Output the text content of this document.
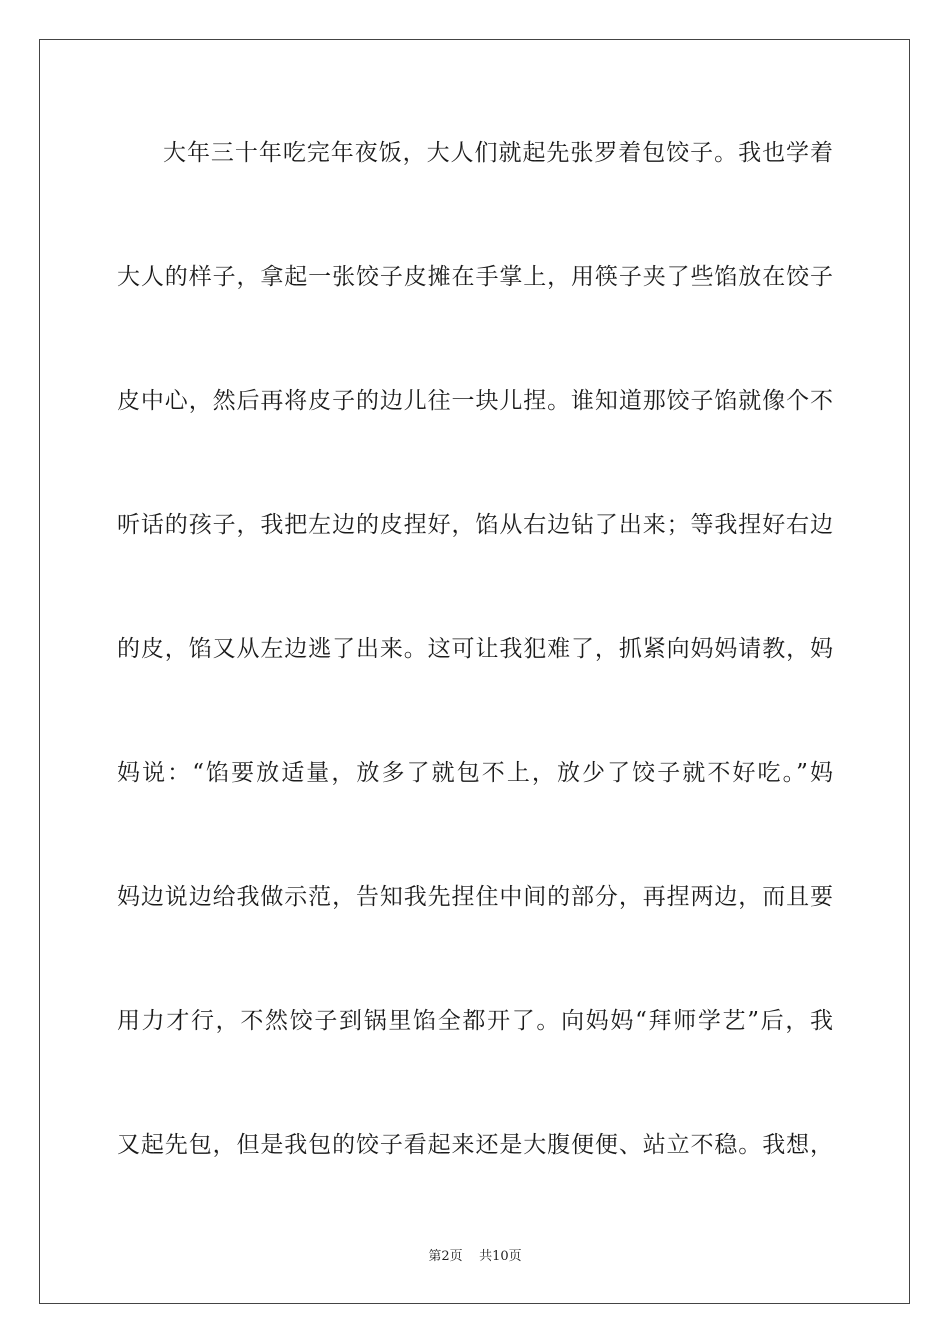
大年三十年吃完年夜饭，大人们就起先张罗着包饺子。我也学着
大人的样子，拿起一张饺子皮摊在手掌上，用筷子夹了些馅放在饺子
皮中心，然后再将皮子的边儿往一块儿捏。谁知道那饺子馅就像个不
听话的孩子，我把左边的皮捏好，馅从右边钻了出来；等我捏好右边
的皮，馅又从左边逃了出来。这可让我犯难了，抓紧向妈妈请教，妈
妈说：“馅要放适量，放多了就包不上，放少了饺子就不好吃。”妈
妈边说边给我做示范，告知我先捏住中间的部分，再捏两边，而且要
用力才行，不然饺子到锅里馅全都开了。向妈妈“拜师学艺”后，我
又起先包，但是我包的饺子看起来还是大腹便便、站立不稳。我想，
第2页    共10页
